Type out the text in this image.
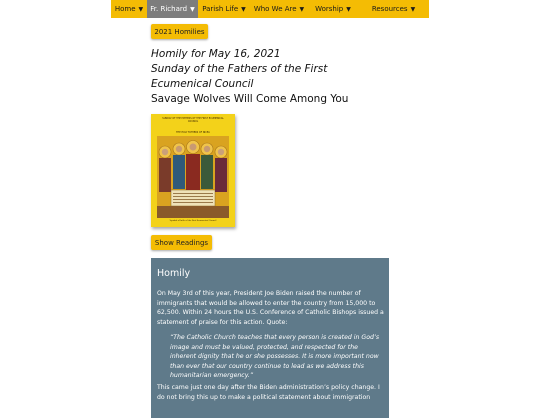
Home ▼ Fr. Richard ▼ Parish Life ▼ Who We Are ▼ Worship ▼	Resources ▼
2021 Homilies
Homily for May 16, 2021
Sunday of the Fathers of the First Ecumenical Council
Savage Wolves Will Come Among You
SUNDAY OF THE FATHERS OF THE FIRST ECUMENICAL COUNCIL
THE HOLY FATHERS OF NICEA
Symbol of faith of the First Ecumenical Council
Show Readings
Homily
On May 3rd of this year, President Joe Biden raised the number of immigrants that would be allowed to enter the country from 15,000 to 62,500. Within 24 hours the U.S. Conference of Catholic Bishops issued a statement of praise for this action. Quote:
“The Catholic Church teaches that every person is created in God’s image and must be valued, protected, and respected for the inherent dignity that he or she possesses. It is more important now than ever that our country continue to lead as we address this humanitarian emergency.”
This came just one day after the Biden administration’s policy change. I do not bring this up to make a political statement about immigration
